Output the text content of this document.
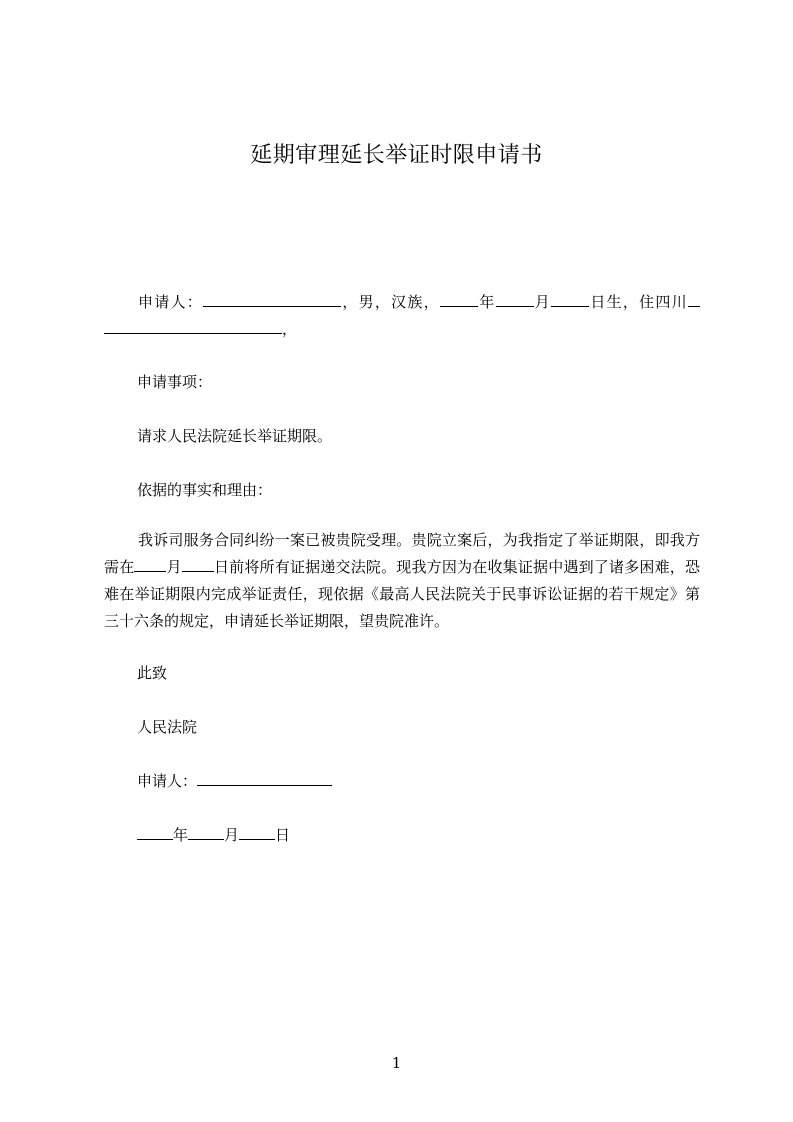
延期审理延长举证时限申请书

申请人：	，男，汉族，	年	月	日生，住四川 ，

申请事项：

请求人民法院延长举证期限。

依据的事实和理由：

我诉司服务合同纠纷一案已被贵院受理。贵院立案后，为我指定了举证期限，即我方需在 月 日前将所有证据递交法院。现我方因为在收集证据中遇到了诸多困难，恐难在举证期限内完成举证责任，现依据《最高人民法院关于民事诉讼证据的若干规定》第三十六条的规定，申请延长举证期限，望贵院准许。

此致

人民法院

申请人：

年 月 日

1
